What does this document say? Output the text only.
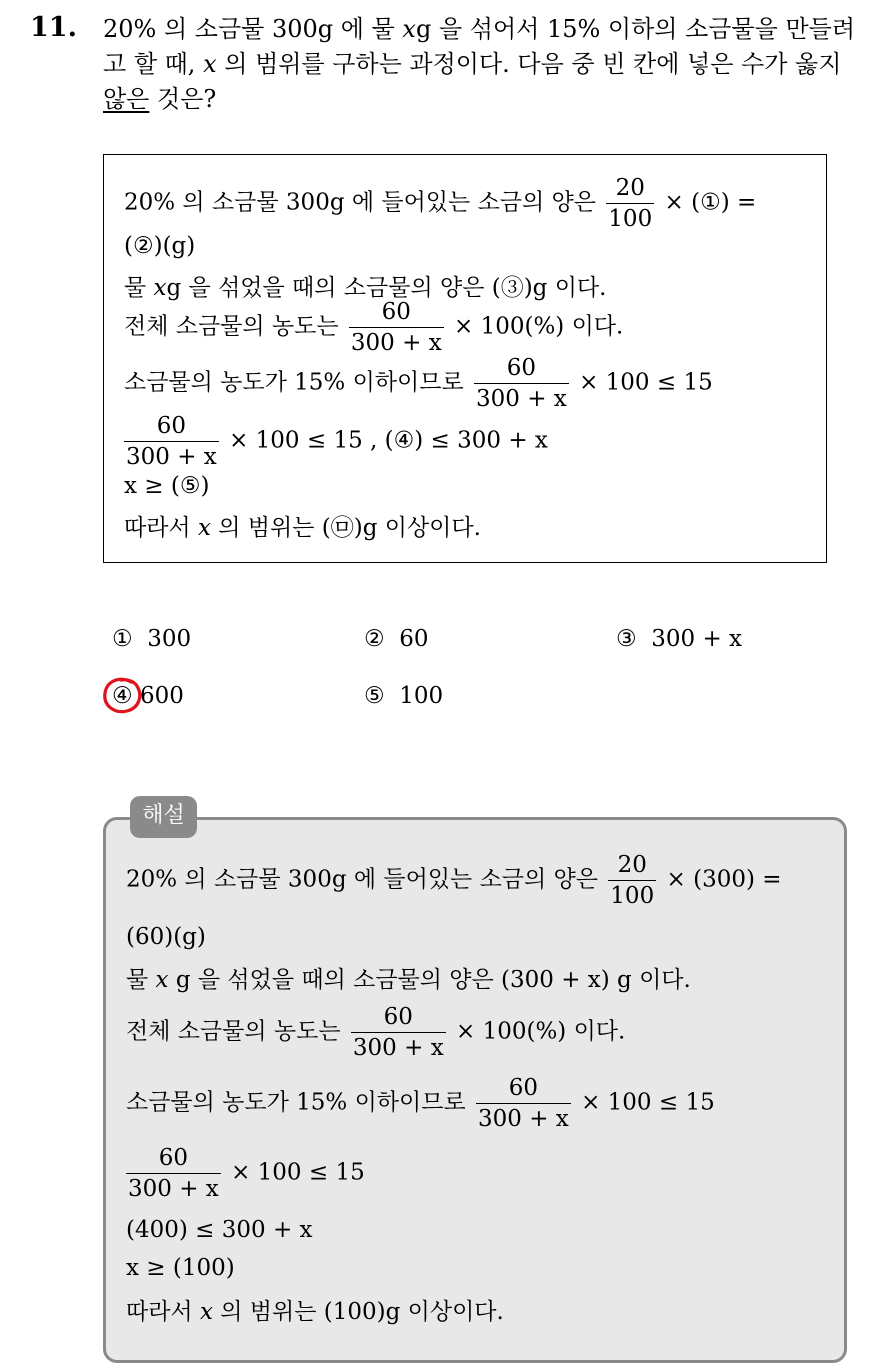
11. 20% 의 소금물 300g 에 물 xg 을 섞어서 15% 이하의 소금물을 만들려고 할 때, x 의 범위를 구하는 과정이다. 다음 중 빈 칸에 넣은 수가 옳지 않은 것은?
20% 의 소금물 300g 에 들어있는 소금의 양은 $\frac{20}{100}$ × (①) =
(②)(g)
물 xg 을 섞었을 때의 소금물의 양은 (③)g 이다.
전체 소금물의 농도는 $\frac{60}{300 + x} \times 100(\%)$ 이다.
소금물의 농도가 15% 이하이므로 $\frac{60}{300 + x} \times 100 \le 15$
$\frac{60}{300 + x} \times 100 \le 15$ , (④) ≤ 300 + x
x ≥ (⑤)
따라서 x 의 범위는 (㉤)g 이상이다.
① 300	② 60	③ 300 + x
④ 600	⑤ 100
20% 의 소금물 300g 에 들어있는 소금의 양은 $\frac{20}{100} \times (300)$ =
(60)(g)
물 x g 을 섞었을 때의 소금물의 양은 (300 + x) g 이다.
전체 소금물의 농도는 $\frac{60}{300 + x} \times 100(\%)$ 이다.
소금물의 농도가 15% 이하이므로 $\frac{60}{300 + x} \times 100 \le 15$
$\frac{60}{300 + x} \times 100 \le 15$
(400) ≤ 300 + x
x ≥ (100)
따라서 x 의 범위는 (100)g 이상이다.
해설
